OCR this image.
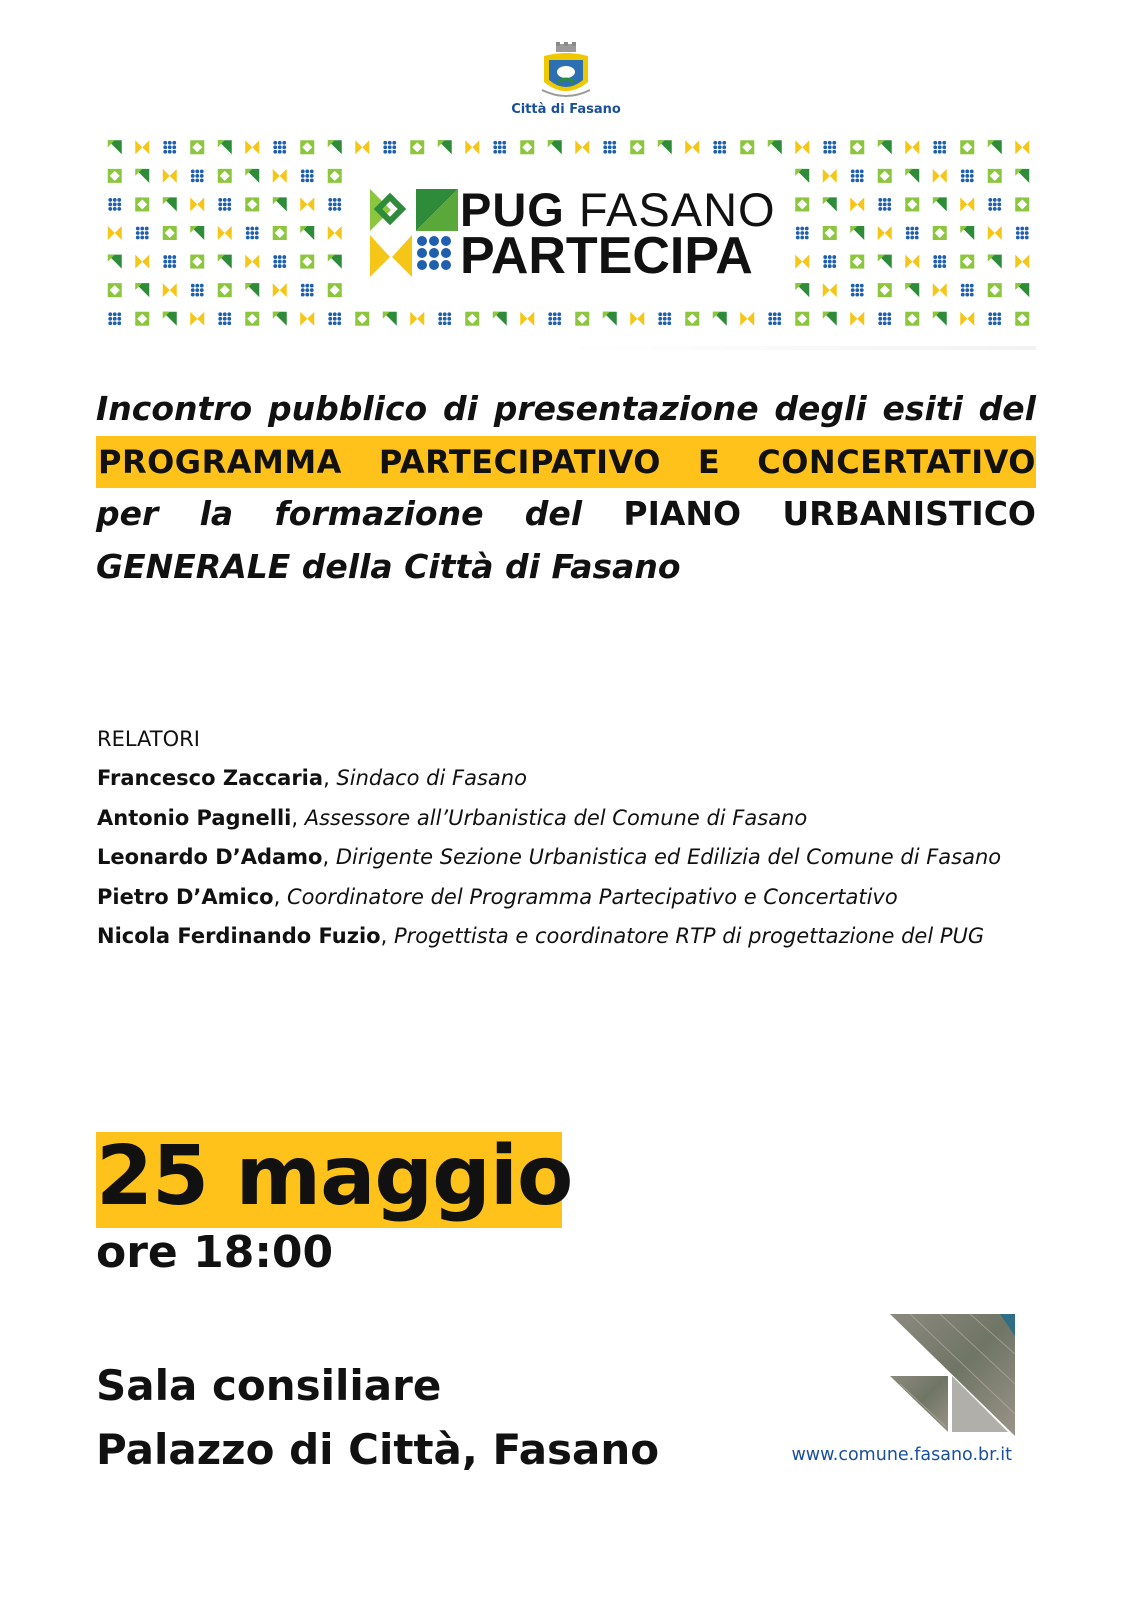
Città di Fasano
PUG FASANO
PARTECIPA
Incontro pubblico di presentazione degli esiti del
PROGRAMMA PARTECIPATIVO E CONCERTATIVO
per la formazione del PIANO URBANISTICO
GENERALE della Città di Fasano
RELATORI
Francesco Zaccaria, Sindaco di Fasano
Antonio Pagnelli, Assessore all’Urbanistica del Comune di Fasano
Leonardo D’Adamo, Dirigente Sezione Urbanistica ed Edilizia del Comune di Fasano
Pietro D’Amico, Coordinatore del Programma Partecipativo e Concertativo
Nicola Ferdinando Fuzio, Progettista e coordinatore RTP di progettazione del PUG
25 maggio
ore 18:00
Sala consiliare
Palazzo di Città, Fasano	www.comune.fasano.br.it
